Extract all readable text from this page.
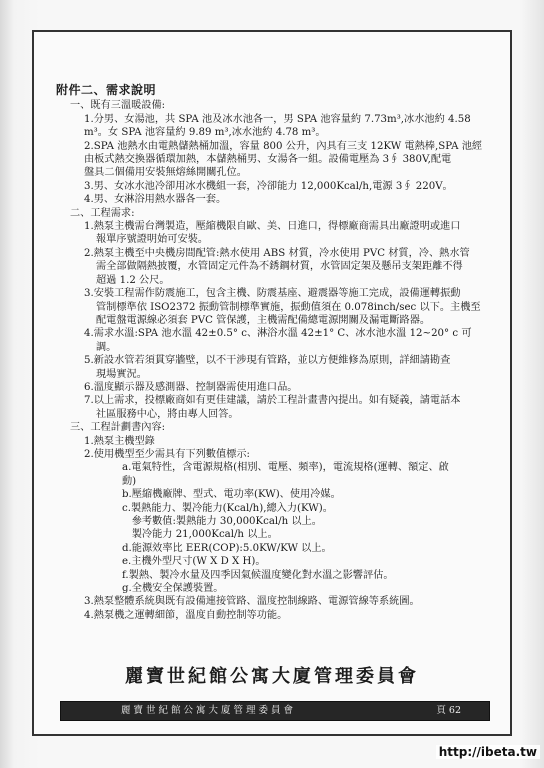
附件二、需求說明
一、既有三溫暖設備:
1.分男、女湯池，共 SPA 池及冰水池各一，男 SPA 池容量約 7.73m³,冰水池約 4.58
m³。女 SPA 池容量約 9.89 m³,冰水池約 4.78 m³。
2.SPA 池熱水由電熱儲熱桶加溫，容量 800 公升，內具有三支 12KW 電熱棒,SPA 池經
由板式熱交換器循環加熱，本儲熱桶男、女湯各一組。設備電壓為 3∮ 380V,配電
盤具二個備用安裝無熔絲開關孔位。
3.男、女冰水池冷卻用冰水機組一套，冷卻能力 12,000Kcal/h,電源 3∮ 220V。
4.男、女淋浴用熱水器各一套。
二、工程需求:
1.熱泵主機需台灣製造，壓縮機限自歐、美、日進口，得標廠商需具出廠證明或進口
報單序號證明始可安裝。
2.熱泵主機至中央機房間配管:熱水使用 ABS 材質，冷水使用 PVC 材質，冷、熱水管
需全部做隔熱披覆，水管固定元件為不銹鋼材質，水管固定架及懸吊支架距離不得
超過 1.2 公尺。
3.安裝工程需作防震施工，包含主機、防震基座、避震器等施工完成，設備運轉振動
管制標準依 ISO2372 振動管制標準實施，振動值須在 0.078inch/sec 以下。主機至
配電盤電源線必須套 PVC 管保護，主機需配備總電源開關及漏電斷路器。
4.需求水溫:SPA 池水溫 42±0.5° c、淋浴水溫 42±1° C、冰水池水溫 12~20° c 可
調。
5.新設水管若須貫穿牆壁，以不干涉現有管路，並以方便維修為原則，詳細請勘查
現場實況。
6.溫度顯示器及感測器、控制器需使用進口品。
7.以上需求，投標廠商如有更佳建議，請於工程計畫書內提出。如有疑義，請電話本
社區服務中心，將由專人回答。
三、工程計劃書內容:
1.熱泵主機型錄
2.使用機型至少需具有下列數值標示:
a.電氣特性，含電源規格(相別、電壓、頻率)，電流規格(運轉、額定、啟
動)
b.壓縮機廠牌、型式、電功率(KW)、使用冷媒。
c.製熱能力、製冷能力(Kcal/h),總入力(KW)。
參考數值:製熱能力 30,000Kcal/h 以上。
製冷能力 21,000Kcal/h 以上。
d.能源效率比 EER(COP):5.0KW/KW 以上。
e.主機外型尺寸(W X D X H)。
f.製熱、製冷水量及四季因氣候溫度變化對水溫之影響評估。
g.全機安全保護裝置。
3.熱泵整體系統與既有設備連接管路、溫度控制線路、電源管線等系統圖。
4.熱泵機之運轉細節，溫度自動控制等功能。
麗寶世紀館公寓大廈管理委員會
麗寶世紀館公寓大廈管理委員會	頁 62
http://ibeta.tw
